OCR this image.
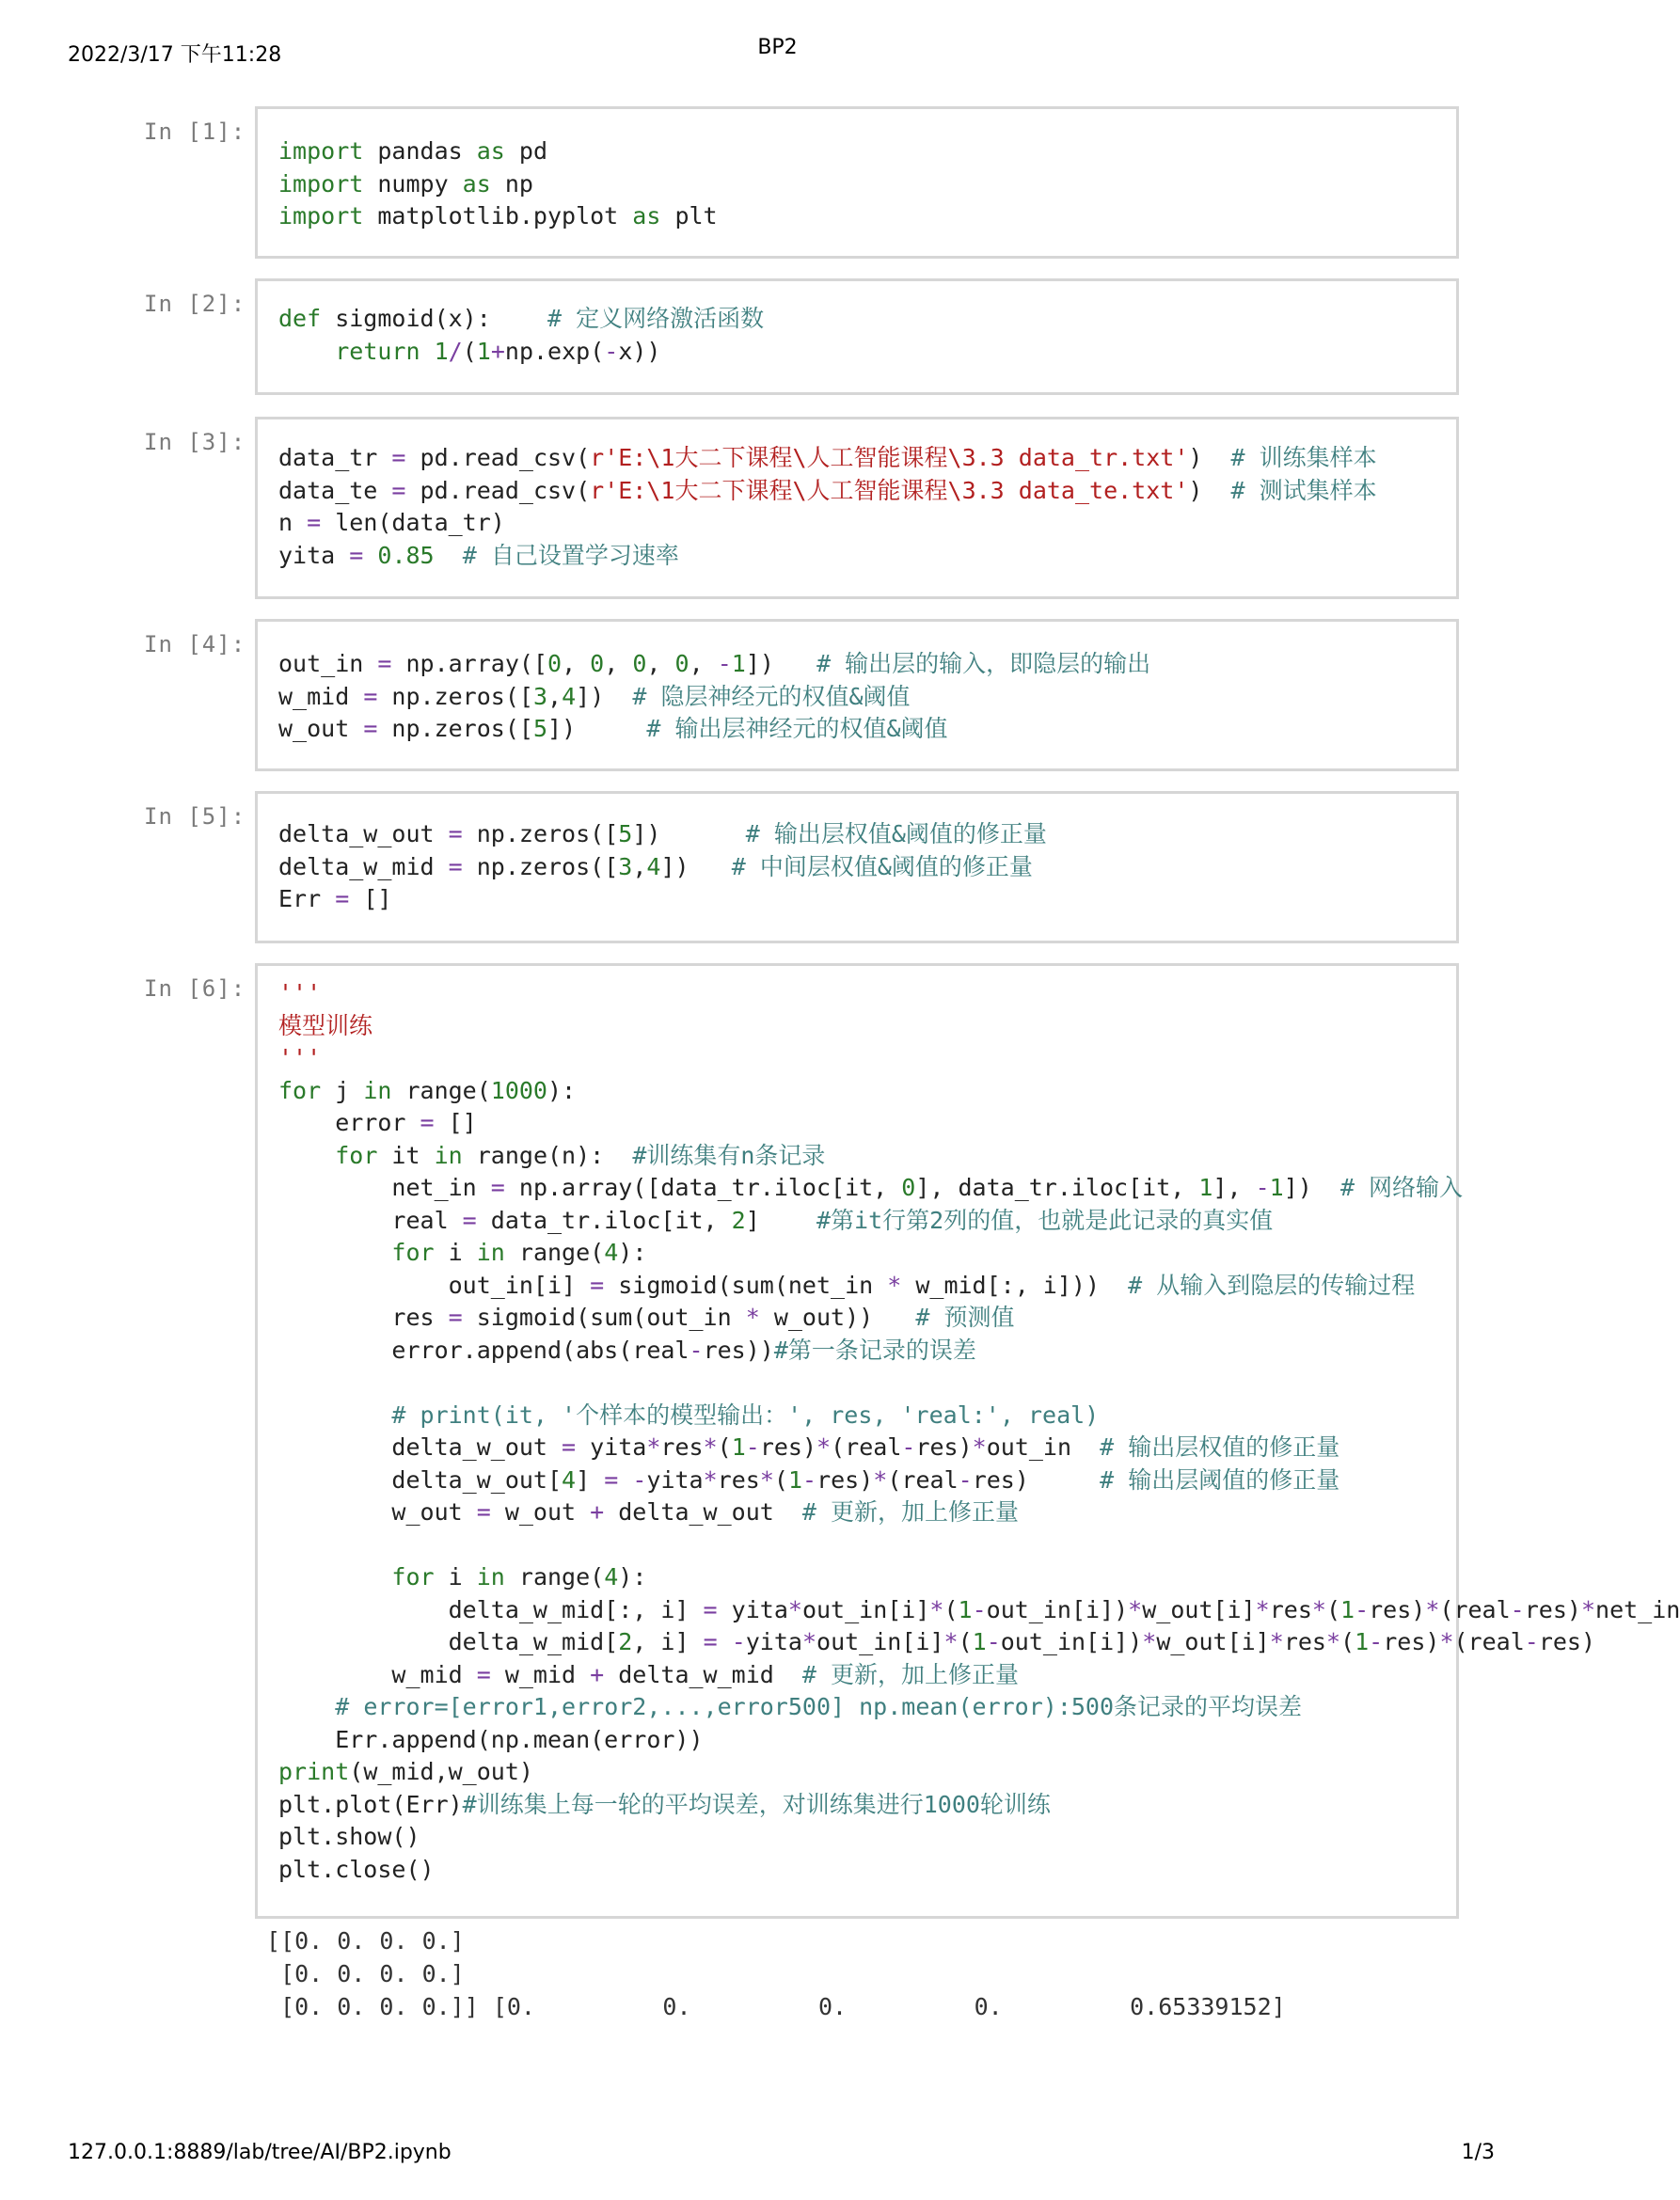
2022/3/17 下午11:28	BP2
In [1]:
import pandas as pd
import numpy as np
import matplotlib.pyplot as plt
In [2]:
def sigmoid(x):    # 定义网络激活函数
return 1/(1+np.exp(-x))
In [3]:
data_tr = pd.read_csv(r'E:\1大二下课程\人工智能课程\3.3 data_tr.txt')  # 训练集样本
data_te = pd.read_csv(r'E:\1大二下课程\人工智能课程\3.3 data_te.txt')  # 测试集样本
n = len(data_tr)
yita = 0.85 # 自己设置学习速率
In [4]:
out_in = np.array([0, 0, 0, 0, -1])   # 输出层的输入，即隐层的输出
w_mid = np.zeros([3,4])  # 隐层神经元的权值&阈值
w_out = np.zeros([5])     # 输出层神经元的权值&阈值
In [5]:
delta_w_out = np.zeros([5])      # 输出层权值&阈值的修正量
delta_w_mid = np.zeros([3,4])   # 中间层权值&阈值的修正量
Err = []
In [6]: '''
模型训练
'''
for j in range(1000):
error = []
for it in range(n):  #训练集有n条记录
net_in = np.array([data_tr.iloc[it, 0], data_tr.iloc[it, 1], -1])  # 网络输入
real = data_tr.iloc[it, 2]    #第it行第2列的值，也就是此记录的真实值
for i in range(4):
out_in[i] = sigmoid(sum(net_in * w_mid[:, i]))  # 从输入到隐层的传输过程
res = sigmoid(sum(out_in * w_out))   # 预测值
error.append(abs(real-res))#第一条记录的误差

# print(it, '个样本的模型输出：', res, 'real:', real)
delta_w_out = yita*res*(1-res)*(real-res)*out_in  # 输出层权值的修正量
delta_w_out[4] = -yita*res*(1-res)*(real-res)     # 输出层阈值的修正量
w_out = w_out + delta_w_out  # 更新，加上修正量

for i in range(4):
delta_w_mid[:, i] = yita*out_in[i]*(1-out_in[i])*w_out[i]*res*(1-res)*(real-res)*net_in
delta_w_mid[2, i] = -yita*out_in[i]*(1-out_in[i])*w_out[i]*res*(1-res)*(real-res)
w_mid = w_mid + delta_w_mid  # 更新，加上修正量
# error=[error1,error2,...,error500] np.mean(error):500条记录的平均误差
Err.append(np.mean(error))
print(w_mid,w_out)
plt.plot(Err)#训练集上每一轮的平均误差，对训练集进行1000轮训练
plt.show()
plt.close()
[[0. 0. 0. 0.]
[0. 0. 0. 0.]
[0. 0. 0. 0.]] [0.         0.         0.         0.         0.65339152]
127.0.0.1:8889/lab/tree/AI/BP2.ipynb	1/3
